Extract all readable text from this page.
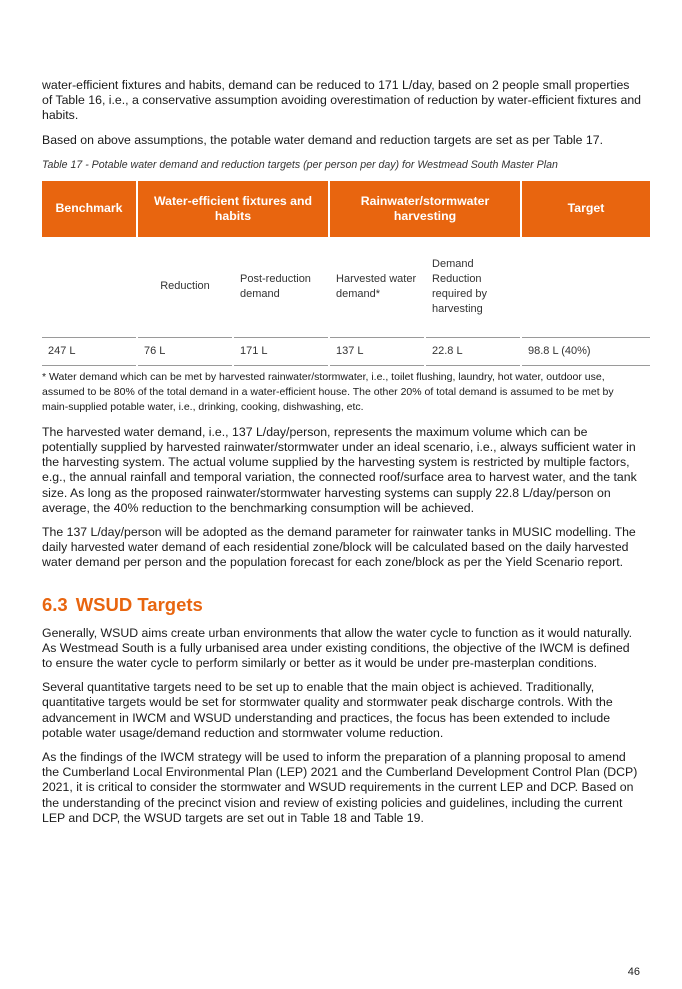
water-efficient fixtures and habits, demand can be reduced to 171 L/day, based on 2 people small properties of Table 16, i.e., a conservative assumption avoiding overestimation of reduction by water-efficient fixtures and habits.

Based on above assumptions, the potable water demand and reduction targets are set as per Table 17.

Table 17 - Potable water demand and reduction targets (per person per day) for Westmead South Master Plan
Benchmark	Water-efficient fixtures and habits		Rainwater/stormwater harvesting		Target
	Reduction	Post-reduction demand	Harvested water demand*	Demand Reduction required by harvesting	
247 L	76 L	171 L	137 L	22.8 L	98.8 L (40%)

* Water demand which can be met by harvested rainwater/stormwater, i.e., toilet flushing, laundry, hot water, outdoor use, assumed to be 80% of the total demand in a water-efficient house. The other 20% of total demand is assumed to be met by main-supplied potable water, i.e., drinking, cooking, dishwashing, etc.

The harvested water demand, i.e., 137 L/day/person, represents the maximum volume which can be potentially supplied by harvested rainwater/stormwater under an ideal scenario, i.e., always sufficient water in the harvesting system. The actual volume supplied by the harvesting system is restricted by multiple factors, e.g., the annual rainfall and temporal variation, the connected roof/surface area to harvest water, and the tank size. As long as the proposed rainwater/stormwater harvesting systems can supply 22.8 L/day/person on average, the 40% reduction to the benchmarking consumption will be achieved.

The 137 L/day/person will be adopted as the demand parameter for rainwater tanks in MUSIC modelling. The daily harvested water demand of each residential zone/block will be calculated based on the daily harvested water demand per person and the population forecast for each zone/block as per the Yield Scenario report.

6.3 WSUD Targets

Generally, WSUD aims create urban environments that allow the water cycle to function as it would naturally. As Westmead South is a fully urbanised area under existing conditions, the objective of the IWCM is defined to ensure the water cycle to perform similarly or better as it would be under pre-masterplan conditions.

Several quantitative targets need to be set up to enable that the main object is achieved. Traditionally, quantitative targets would be set for stormwater quality and stormwater peak discharge controls. With the advancement in IWCM and WSUD understanding and practices, the focus has been extended to include potable water usage/demand reduction and stormwater volume reduction.

As the findings of the IWCM strategy will be used to inform the preparation of a planning proposal to amend the Cumberland Local Environmental Plan (LEP) 2021 and the Cumberland Development Control Plan (DCP) 2021, it is critical to consider the stormwater and WSUD requirements in the current LEP and DCP. Based on the understanding of the precinct vision and review of existing policies and guidelines, including the current LEP and DCP, the WSUD targets are set out in Table 18 and Table 19.

46
